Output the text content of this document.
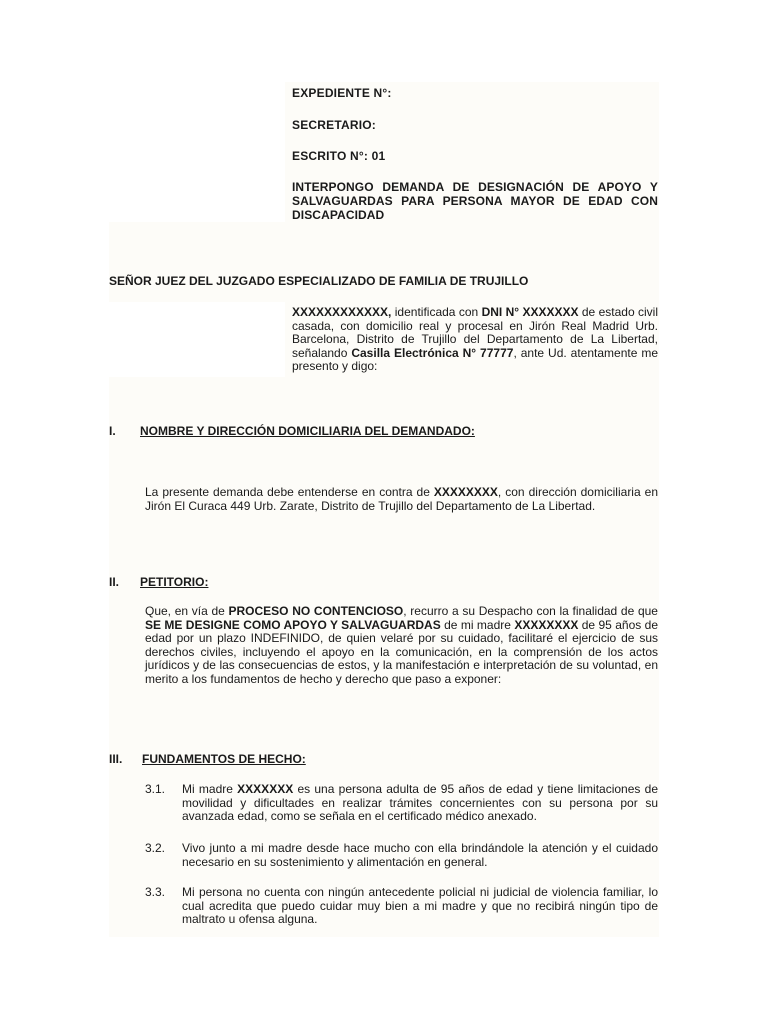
EXPEDIENTE N°:
SECRETARIO:
ESCRITO N°: 01
INTERPONGO DEMANDA DE DESIGNACIÓN DE APOYO Y SALVAGUARDAS PARA PERSONA MAYOR DE EDAD CON DISCAPACIDAD
SEÑOR JUEZ DEL JUZGADO ESPECIALIZADO DE FAMILIA DE TRUJILLO
XXXXXXXXXXXX, identificada con DNI N° XXXXXXX de estado civil casada, con domicilio real y procesal en Jirón Real Madrid Urb. Barcelona, Distrito de Trujillo del Departamento de La Libertad, señalando Casilla Electrónica N° 77777, ante Ud. atentamente me presento y digo:
I. NOMBRE Y DIRECCIÓN DOMICILIARIA DEL DEMANDADO:
La presente demanda debe entenderse en contra de XXXXXXXX, con dirección domiciliaria en Jirón El Curaca 449 Urb. Zarate, Distrito de Trujillo del Departamento de La Libertad.
II. PETITORIO:
Que, en vía de PROCESO NO CONTENCIOSO, recurro a su Despacho con la finalidad de que SE ME DESIGNE COMO APOYO Y SALVAGUARDAS de mi madre XXXXXXXX de 95 años de edad por un plazo INDEFINIDO, de quien velaré por su cuidado, facilitaré el ejercicio de sus derechos civiles, incluyendo el apoyo en la comunicación, en la comprensión de los actos jurídicos y de las consecuencias de estos, y la manifestación e interpretación de su voluntad, en merito a los fundamentos de hecho y derecho que paso a exponer:
III. FUNDAMENTOS DE HECHO:
3.1. Mi madre XXXXXXX es una persona adulta de 95 años de edad y tiene limitaciones de movilidad y dificultades en realizar trámites concernientes con su persona por su avanzada edad, como se señala en el certificado médico anexado.
3.2. Vivo junto a mi madre desde hace mucho con ella brindándole la atención y el cuidado necesario en su sostenimiento y alimentación en general.
3.3. Mi persona no cuenta con ningún antecedente policial ni judicial de violencia familiar, lo cual acredita que puedo cuidar muy bien a mi madre y que no recibirá ningún tipo de maltrato u ofensa alguna.
